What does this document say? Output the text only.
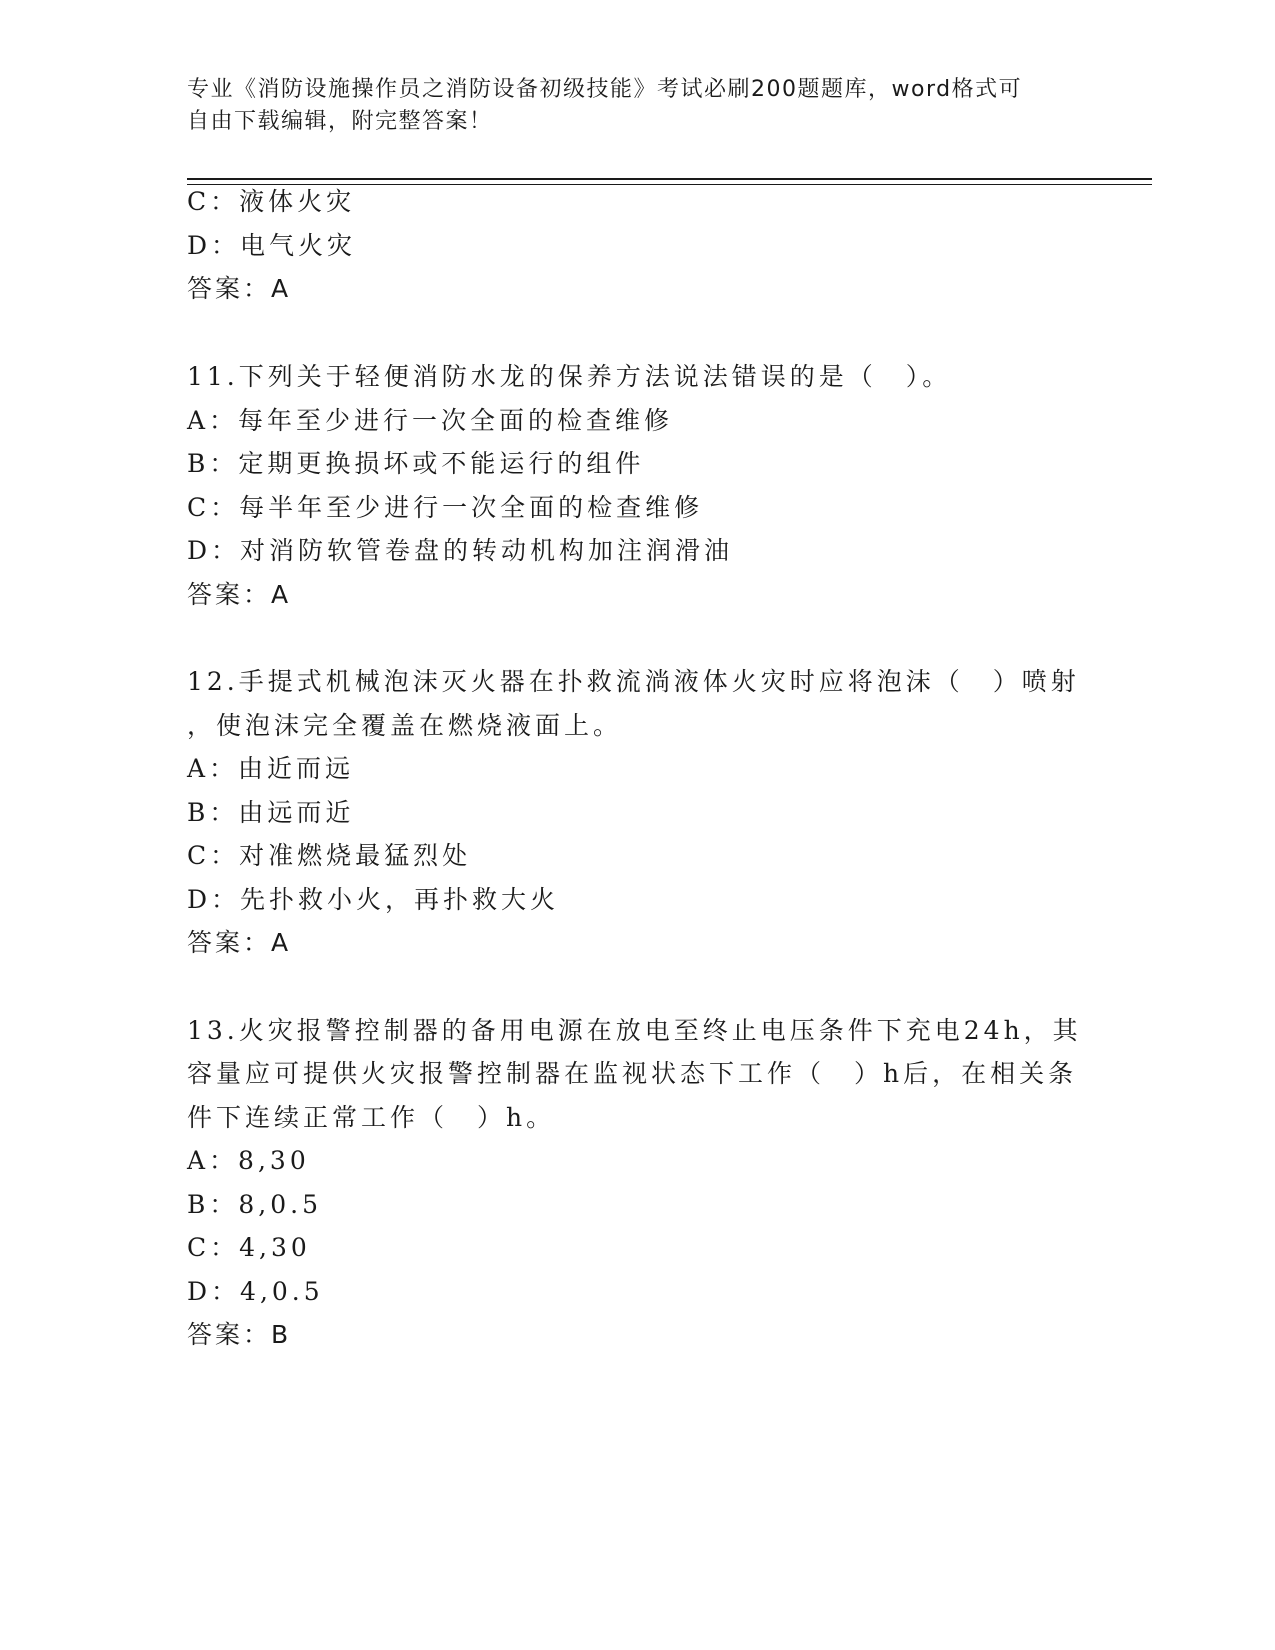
专业《消防设施操作员之消防设备初级技能》考试必刷200题题库，word格式可
自由下载编辑，附完整答案！
C：液体火灾
D：电气火灾
答案：A
11.下列关于轻便消防水龙的保养方法说法错误的是（　）。
A：每年至少进行一次全面的检查维修
B：定期更换损坏或不能运行的组件
C：每半年至少进行一次全面的检查维修
D：对消防软管卷盘的转动机构加注润滑油
答案：A
12.手提式机械泡沫灭火器在扑救流淌液体火灾时应将泡沫（　）喷射
，使泡沫完全覆盖在燃烧液面上。
A：由近而远
B：由远而近
C：对准燃烧最猛烈处
D：先扑救小火，再扑救大火
答案：A
13.火灾报警控制器的备用电源在放电至终止电压条件下充电24h，其
容量应可提供火灾报警控制器在监视状态下工作（　）h后，在相关条
件下连续正常工作（　）h。
A：8,30
B：8,0.5
C：4,30
D：4,0.5
答案：B
